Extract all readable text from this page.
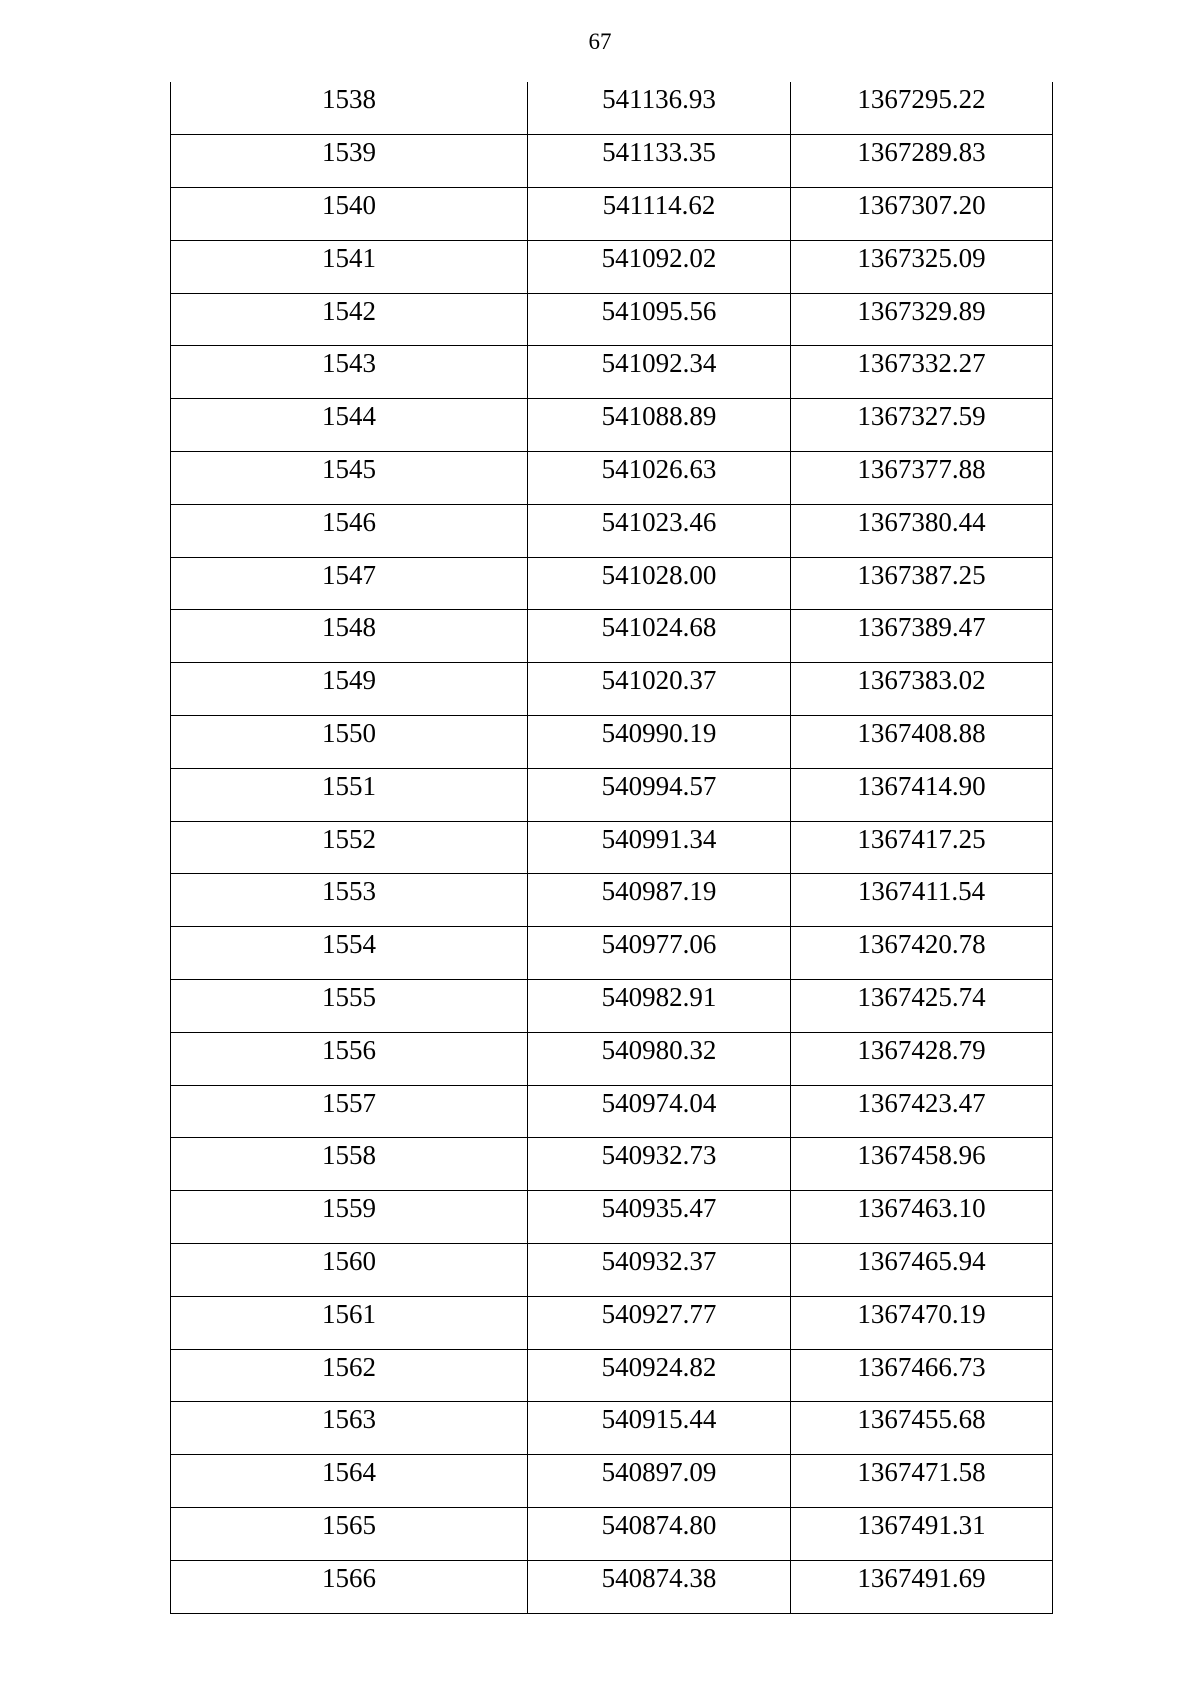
67
1538	541136.93	1367295.22
1539	541133.35	1367289.83
1540	541114.62	1367307.20
1541	541092.02	1367325.09
1542	541095.56	1367329.89
1543	541092.34	1367332.27
1544	541088.89	1367327.59
1545	541026.63	1367377.88
1546	541023.46	1367380.44
1547	541028.00	1367387.25
1548	541024.68	1367389.47
1549	541020.37	1367383.02
1550	540990.19	1367408.88
1551	540994.57	1367414.90
1552	540991.34	1367417.25
1553	540987.19	1367411.54
1554	540977.06	1367420.78
1555	540982.91	1367425.74
1556	540980.32	1367428.79
1557	540974.04	1367423.47
1558	540932.73	1367458.96
1559	540935.47	1367463.10
1560	540932.37	1367465.94
1561	540927.77	1367470.19
1562	540924.82	1367466.73
1563	540915.44	1367455.68
1564	540897.09	1367471.58
1565	540874.80	1367491.31
1566	540874.38	1367491.69
